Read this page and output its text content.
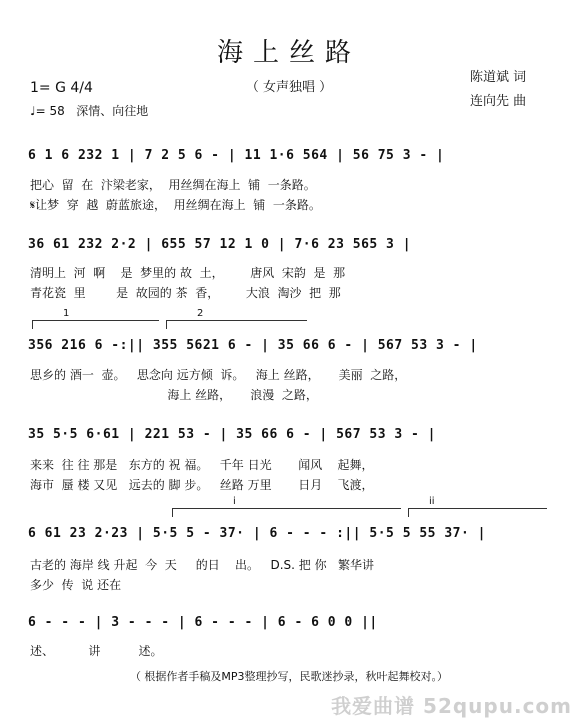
海上丝路
（ 女声独唱 ）
陈道斌 词
连向先 曲
1= G 4/4
♩= 58   深情、向往地
6 1 6 232 1 | 7 2 5 6 - | 11 1·6 564 | 56 75 3 - |
把心  留  在  汴梁老家，  用丝绸在海上  铺  一条路。
𝄋让梦  穿  越  蔚蓝旅途，  用丝绸在海上  铺  一条路。
36 61 232 2·2 | 655 57 12 1 0 | 7·6 23 565 3 |
清明上  河  啊    是  梦里的 故  土，       唐风  宋韵  是  那
青花瓷  里        是  故园的 茶  香，       大浪  淘沙  把  那
1	2
356 216 6 -:|| 355 5621 6 - | 35 66 6 - | 567 53 3 - |
思乡的 酒一  壶。   思念向 远方倾  诉。   海上 丝路，     美丽  之路，
海上 丝路，     浪漫  之路，
35 5·5 6·61 | 221 53 - | 35 66 6 - | 567 53 3 - |
来来  往 往 那是   东方的 祝 福。   千年 日光       闻风    起舞，
海市  蜃 楼 又见   远去的 脚 步。   丝路 万里       日月    飞渡，
i	ii
6 61 23 2·23 | 5·5 5 - 37· | 6 - - - :|| 5·5 5 55 37· |
古老的 海岸 线 升起  今  天     的日    出。   D.S. 把 你   繁华讲
多少  传  说 还在
6 - - - | 3 - - - | 6 - - - | 6 - 6 0 0 ||
述、         讲          述。
（ 根据作者手稿及MP3整理抄写，民歌迷抄录，秋叶起舞校对。）
我爱曲谱 52qupu.com
